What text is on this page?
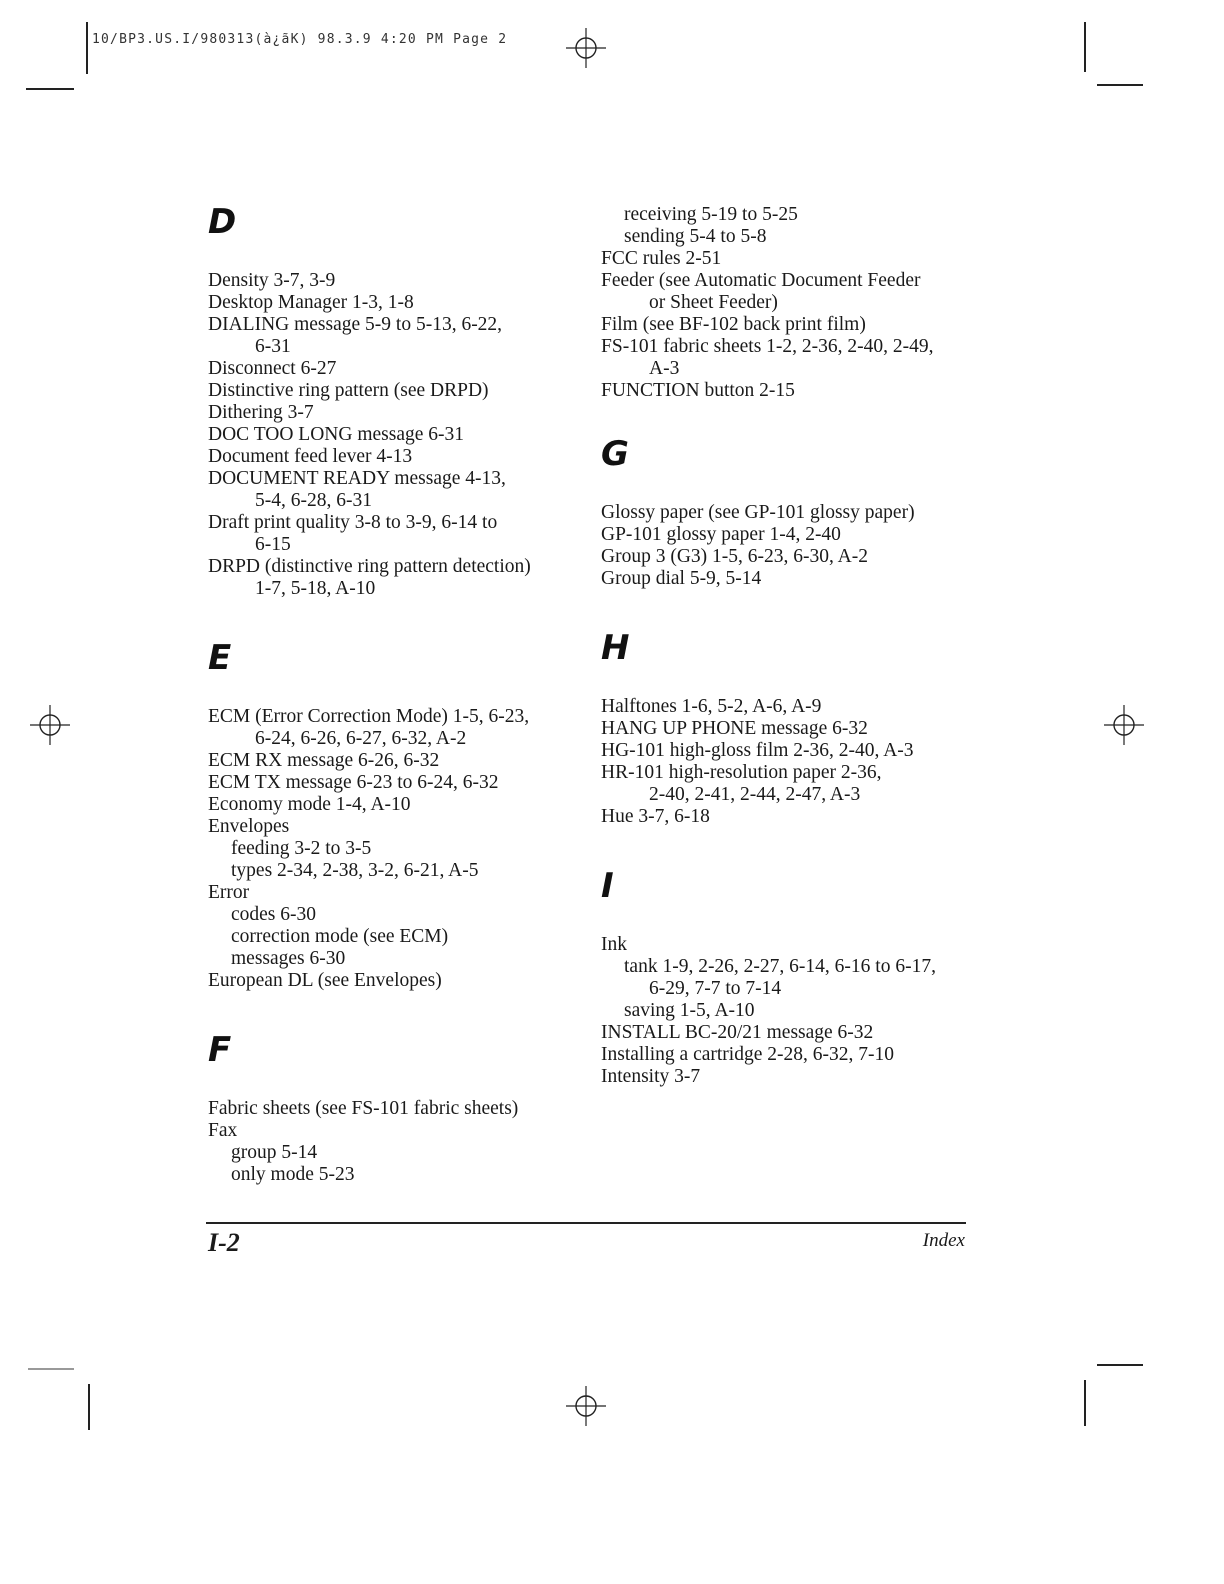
10/BP3.US.I/980313(à¿ãK) 98.3.9 4:20 PM Page 2
D
Density 3-7, 3-9
Desktop Manager 1-3, 1-8
DIALING message 5-9 to 5-13, 6-22,
6-31
Disconnect 6-27
Distinctive ring pattern (see DRPD)
Dithering 3-7
DOC TOO LONG message 6-31
Document feed lever 4-13
DOCUMENT READY message 4-13,
5-4, 6-28, 6-31
Draft print quality 3-8 to 3-9, 6-14 to
6-15
DRPD (distinctive ring pattern detection)
1-7, 5-18, A-10
E
ECM (Error Correction Mode) 1-5, 6-23,
6-24, 6-26, 6-27, 6-32, A-2
ECM RX message 6-26, 6-32
ECM TX message 6-23 to 6-24, 6-32
Economy mode 1-4, A-10
Envelopes
feeding 3-2 to 3-5
types 2-34, 2-38, 3-2, 6-21, A-5
Error
codes 6-30
correction mode (see ECM)
messages 6-30
European DL (see Envelopes)
F
Fabric sheets (see FS-101 fabric sheets)
Fax
group 5-14
only mode 5-23
receiving 5-19 to 5-25
sending 5-4 to 5-8
FCC rules 2-51
Feeder (see Automatic Document Feeder
or Sheet Feeder)
Film (see BF-102 back print film)
FS-101 fabric sheets 1-2, 2-36, 2-40, 2-49,
A-3
FUNCTION button 2-15
G
Glossy paper (see GP-101 glossy paper)
GP-101 glossy paper 1-4, 2-40
Group 3 (G3) 1-5, 6-23, 6-30, A-2
Group dial 5-9, 5-14
H
Halftones 1-6, 5-2, A-6, A-9
HANG UP PHONE message 6-32
HG-101 high-gloss film 2-36, 2-40, A-3
HR-101 high-resolution paper 2-36,
2-40, 2-41, 2-44, 2-47, A-3
Hue 3-7, 6-18
I
Ink
tank 1-9, 2-26, 2-27, 6-14, 6-16 to 6-17,
6-29, 7-7 to 7-14
saving 1-5, A-10
INSTALL BC-20/21 message 6-32
Installing a cartridge 2-28, 6-32, 7-10
Intensity 3-7
I-2	Index
